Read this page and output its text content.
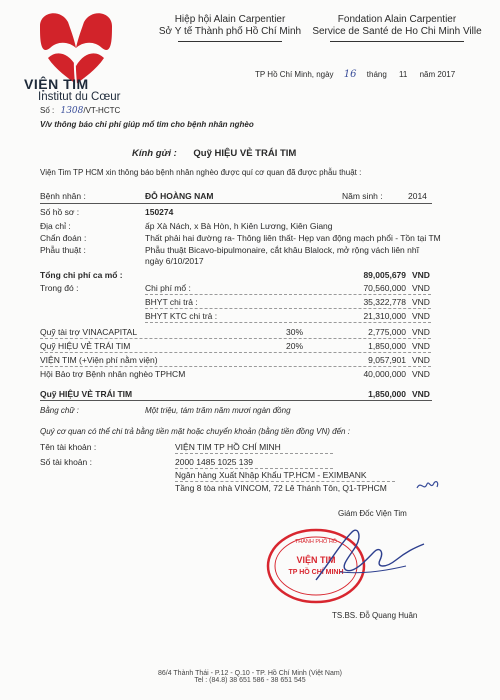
VIỆN TIM
Institut du Cœur
Hiệp hội Alain Carpentier
Sở Y tế Thành phố Hồ Chí Minh
Fondation Alain Carpentier
Service de Santé de Ho Chi Minh Ville
TP Hồ Chí Minh, ngày 16 tháng 11 năm 2017
Số : 1308/VT-HCTC
V/v thông báo chi phí giúp mổ tim cho bệnh nhân nghèo
Kính gửi : Quỹ HIỆU VẺ TRÁI TIM
Viện Tim TP HCM xin thông báo bệnh nhân nghèo được quí cơ quan đã được phẫu thuật :
Bệnh nhân :	ĐỖ HOÀNG NAM	Năm sinh :	2014
Số hồ sơ :	150274
Địa chỉ :	ấp Xà Nách, x Bà Hòn, h Kiên Lương, Kiên Giang
Chẩn đoán :	Thất phải hai đường ra- Thông liên thất- Hẹp van động mạch phổi - Tồn tại TM
Phẫu thuật :	Phẫu thuật Bicavo-bipulmonaire, cắt khâu Blalock, mở rộng vách liên nhĩ
ngày 6/10/2017
Tổng chi phí ca mổ :	89,005,679 VND
Trong đó :	Chi phí mổ :	70,560,000 VND
BHYT chi trả :	35,322,778 VND
BHYT KTC chi trả :	21,310,000 VND
Quỹ tài trợ VINACAPITAL	30%	2,775,000 VND
Quỹ HIỆU VẺ TRÁI TIM	20%	1,850,000 VND
VIỆN TIM (+Viện phí nằm viện)	9,057,901 VND
Hội Bảo trợ Bệnh nhân nghèo TPHCM	40,000,000 VND
Quỹ HIỆU VẺ TRÁI TIM	1,850,000 VND
Bằng chữ :	Một triệu, tám trăm năm mươi ngàn đồng
Quý cơ quan có thể chi trả bằng tiền mặt hoặc chuyển khoản (bằng tiền đồng VN) đến :
Tên tài khoản :	VIỆN TIM TP HỒ CHÍ MINH
Số tài khoản :	2000 1485 1025 139
Ngân hàng Xuất Nhập Khẩu TP.HCM - EXIMBANK
Tầng 8 tòa nhà VINCOM, 72 Lê Thánh Tôn, Q1-TPHCM
Giám Đốc Viện Tim
VIỆN TIM
TP HỒ CHÍ MINH
THÀNH PHỐ HỒ
TS.BS. Đỗ Quang Huân
86/4 Thành Thái - P.12 - Q.10 - TP. Hồ Chí Minh (Việt Nam)
Tel : (84.8) 38 651 586 - 38 651 545
